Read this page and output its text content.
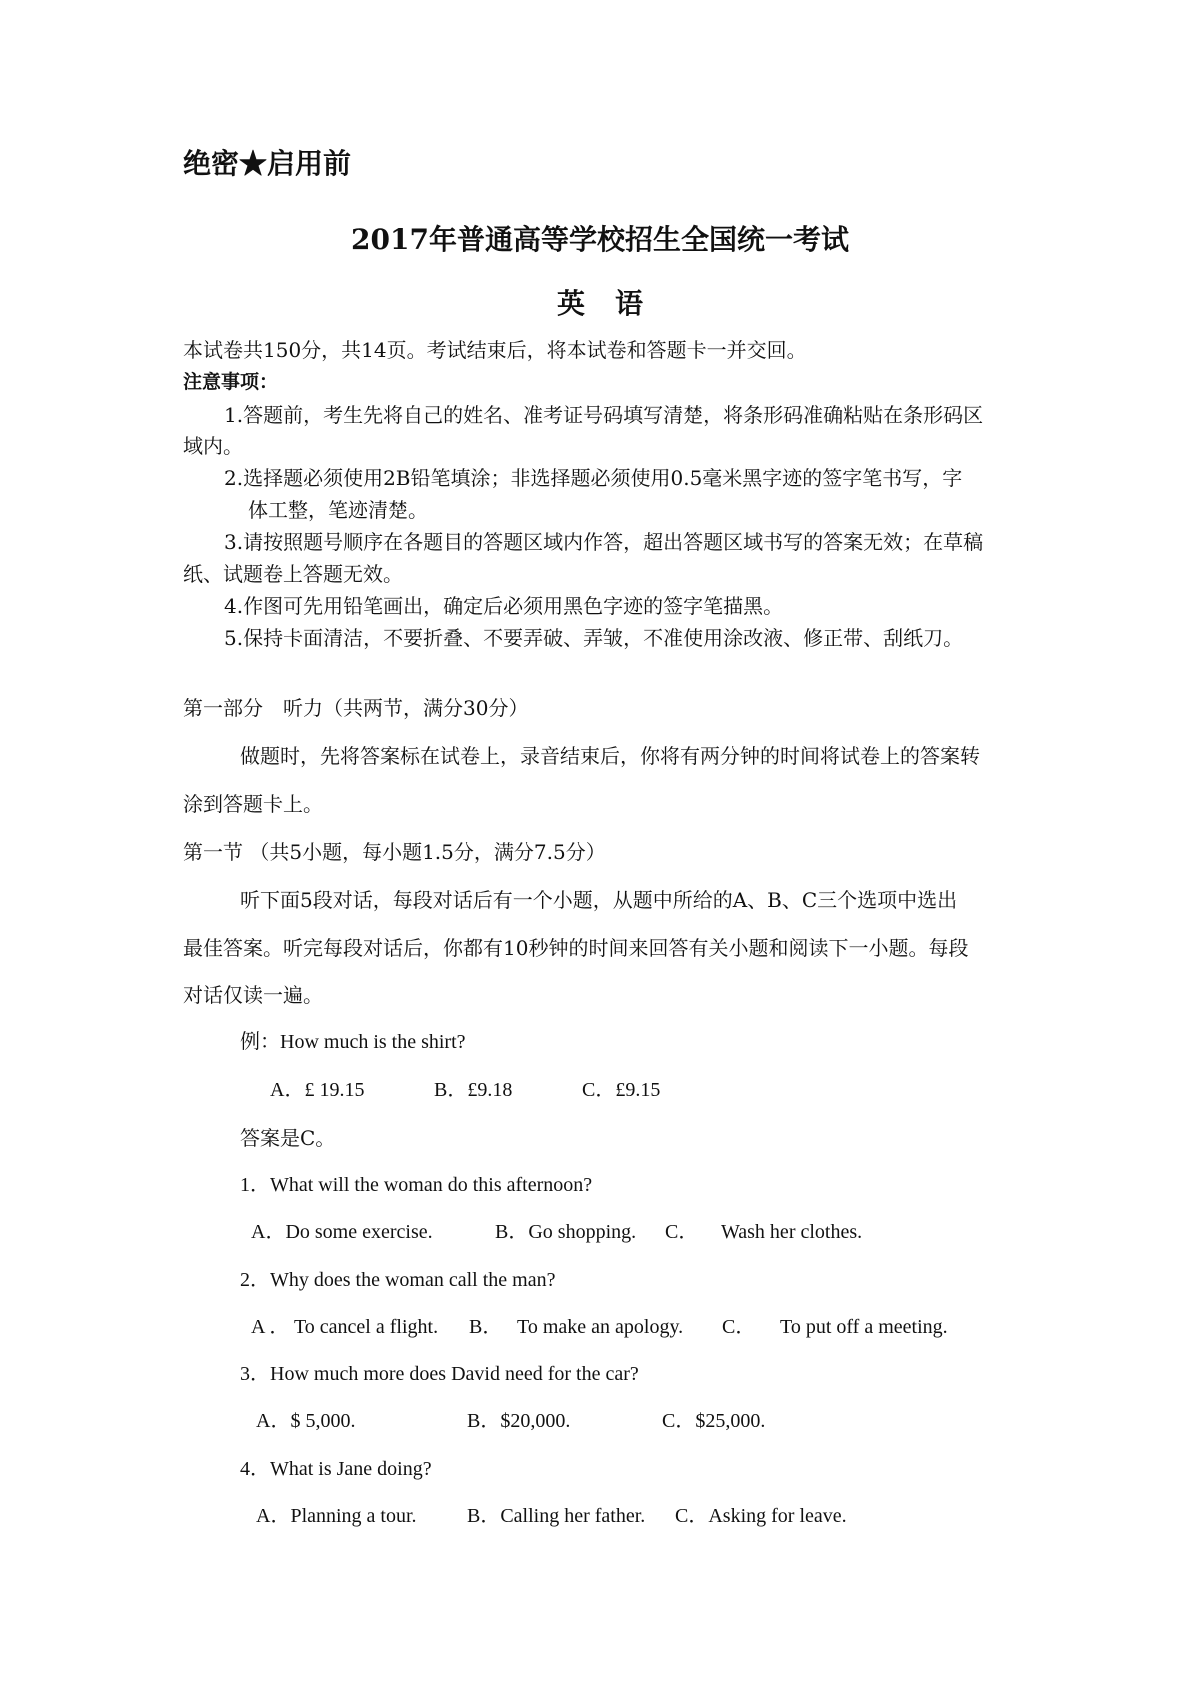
绝密★启用前
2017年普通高等学校招生全国统一考试
英语
本试卷共150分，共14页。考试结束后，将本试卷和答题卡一并交回。
注意事项：
1.答题前，考生先将自己的姓名、准考证号码填写清楚，将条形码准确粘贴在条形码区
域内。
2.选择题必须使用2B铅笔填涂；非选择题必须使用0.5毫米黑字迹的签字笔书写，字
体工整，笔迹清楚。
3.请按照题号顺序在各题目的答题区域内作答，超出答题区域书写的答案无效；在草稿
纸、试题卷上答题无效。
4.作图可先用铅笔画出，确定后必须用黑色字迹的签字笔描黑。
5.保持卡面清洁，不要折叠、不要弄破、弄皱，不准使用涂改液、修正带、刮纸刀。
第一部分　听力（共两节，满分30分）
做题时，先将答案标在试卷上，录音结束后，你将有两分钟的时间将试卷上的答案转
涂到答题卡上。
第一节 （共5小题，每小题1.5分，满分7.5分）
听下面5段对话，每段对话后有一个小题，从题中所给的A、B、C三个选项中选出
最佳答案。听完每段对话后，你都有10秒钟的时间来回答有关小题和阅读下一小题。每段
对话仅读一遍。
例：How much is the shirt?
A．£ 19.15	B．£9.18	C．£9.15
答案是C。
1．What will the woman do this afternoon?
A．Do some exercise.	B．Go shopping. C． Wash her clothes.
2．Why does the woman call the man?
A ． To cancel a flight. B． To make an apology. C． To put off a meeting.
3．How much more does David need for the car?
A．$ 5,000.	B．$20,000.	C．$25,000.
4．What is Jane doing?
A．Planning a tour.	B．Calling her father. C．Asking for leave.
